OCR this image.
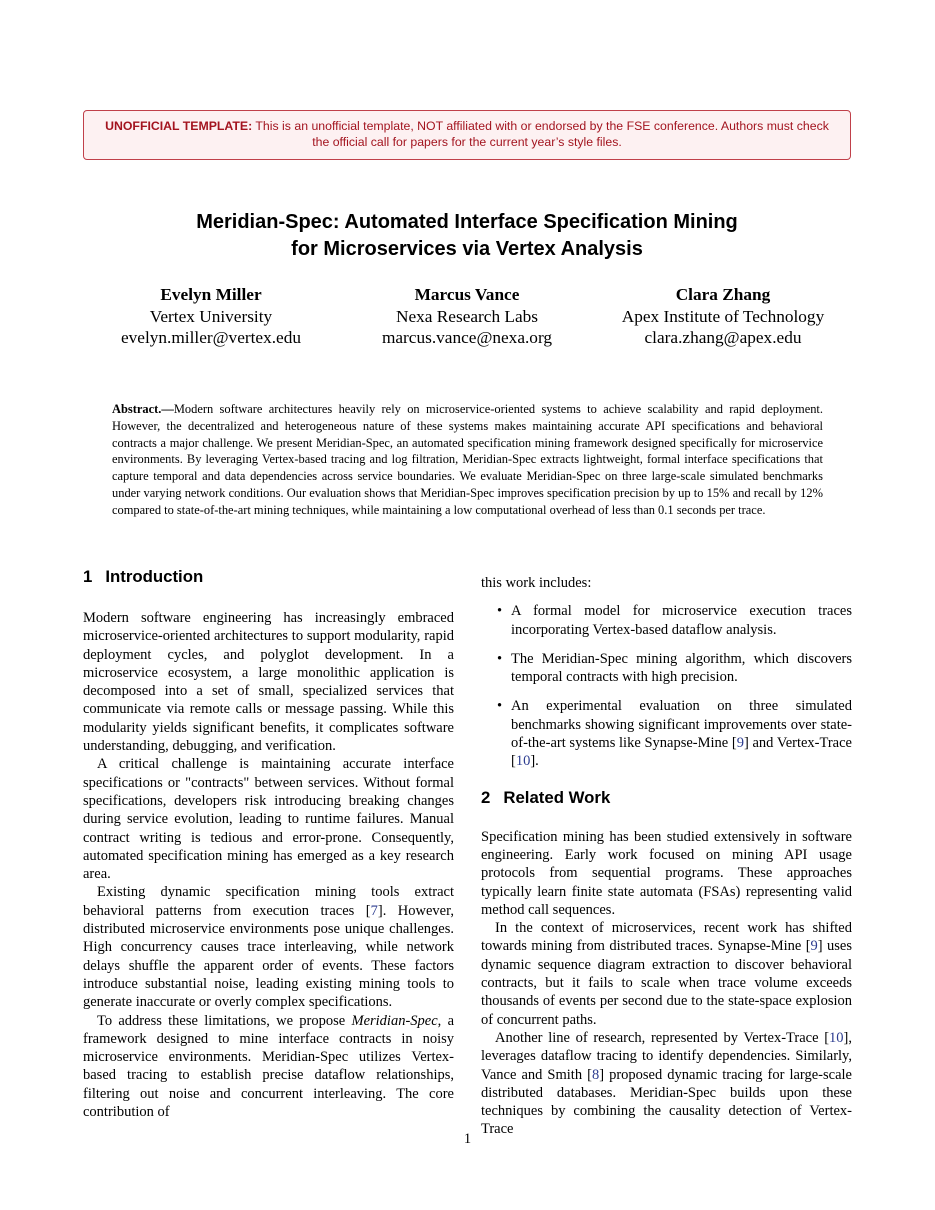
UNOFFICIAL TEMPLATE: This is an unofficial template, NOT affiliated with or endorsed by the FSE conference. Authors must check the official call for papers for the current year’s style files.
Meridian-Spec: Automated Interface Specification Mining
for Microservices via Vertex Analysis
Evelyn Miller
Vertex University
evelyn.miller@vertex.edu
Marcus Vance
Nexa Research Labs
marcus.vance@nexa.org
Clara Zhang
Apex Institute of Technology
clara.zhang@apex.edu
Abstract.—Modern software architectures heavily rely on microservice-oriented systems to achieve scalability and rapid deployment. However, the decentralized and heterogeneous nature of these systems makes maintaining accurate API specifications and behavioral contracts a major challenge. We present Meridian-Spec, an automated specification mining framework designed specifically for microservice environments. By leveraging Vertex-based tracing and log filtration, Meridian-Spec extracts lightweight, formal interface specifications that capture temporal and data dependencies across service boundaries. We evaluate Meridian-Spec on three large-scale simulated benchmarks under varying network conditions. Our evaluation shows that Meridian-Spec improves specification precision by up to 15% and recall by 12% compared to state-of-the-art mining techniques, while maintaining a low computational overhead of less than 0.1 seconds per trace.
1 Introduction

Modern software engineering has increasingly embraced microservice-oriented architectures to support modularity, rapid deployment cycles, and polyglot development. In a microservice ecosystem, a large monolithic application is decomposed into a set of small, specialized services that communicate via remote calls or message passing. While this modularity yields significant benefits, it complicates software understanding, debugging, and verification.

A critical challenge is maintaining accurate interface specifications or "contracts" between services. Without formal specifications, developers risk introducing breaking changes during service evolution, leading to runtime failures. Manual contract writing is tedious and error-prone. Consequently, automated specification mining has emerged as a key research area.

Existing dynamic specification mining tools extract behavioral patterns from execution traces [7]. However, distributed microservice environments pose unique challenges. High concurrency causes trace interleaving, while network delays shuffle the apparent order of events. These factors introduce substantial noise, leading existing mining tools to generate inaccurate or overly complex specifications.

To address these limitations, we propose Meridian-Spec, a framework designed to mine interface contracts in noisy microservice environments. Meridian-Spec utilizes Vertex-based tracing to establish precise dataflow relationships, filtering out noise and concurrent interleaving. The core contribution of

this work includes:

• A formal model for microservice execution traces incorporating Vertex-based dataflow analysis.
• The Meridian-Spec mining algorithm, which discovers temporal contracts with high precision.
• An experimental evaluation on three simulated benchmarks showing significant improvements over state-of-the-art systems like Synapse-Mine [9] and Vertex-Trace [10].
2 Related Work

Specification mining has been studied extensively in software engineering. Early work focused on mining API usage protocols from sequential programs. These approaches typically learn finite state automata (FSAs) representing valid method call sequences.

In the context of microservices, recent work has shifted towards mining from distributed traces. Synapse-Mine [9] uses dynamic sequence diagram extraction to discover behavioral contracts, but it fails to scale when trace volume exceeds thousands of events per second due to the state-space explosion of concurrent paths.

Another line of research, represented by Vertex-Trace [10], leverages dataflow tracing to identify dependencies. Similarly, Vance and Smith [8] proposed dynamic tracing for large-scale distributed databases. Meridian-Spec builds upon these techniques by combining the causality detection of Vertex-Trace

1
